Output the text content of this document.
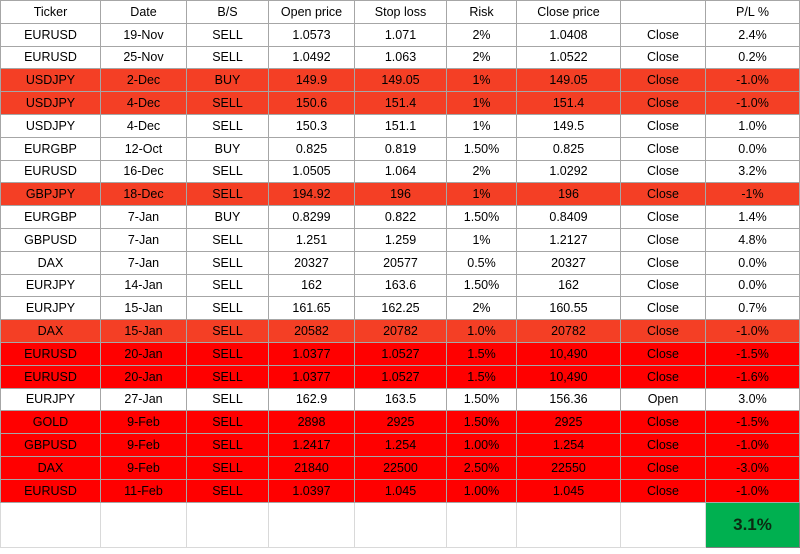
Ticker	Date	B/S	Open price	Stop loss	Risk	Close price		P/L %
EURUSD	19-Nov	SELL	1.0573	1.071	2%	1.0408	Close	2.4%
EURUSD	25-Nov	SELL	1.0492	1.063	2%	1.0522	Close	0.2%
USDJPY	2-Dec	BUY	149.9	149.05	1%	149.05	Close	-1.0%
USDJPY	4-Dec	SELL	150.6	151.4	1%	151.4	Close	-1.0%
USDJPY	4-Dec	SELL	150.3	151.1	1%	149.5	Close	1.0%
EURGBP	12-Oct	BUY	0.825	0.819	1.50%	0.825	Close	0.0%
EURUSD	16-Dec	SELL	1.0505	1.064	2%	1.0292	Close	3.2%
GBPJPY	18-Dec	SELL	194.92	196	1%	196	Close	-1%
EURGBP	7-Jan	BUY	0.8299	0.822	1.50%	0.8409	Close	1.4%
GBPUSD	7-Jan	SELL	1.251	1.259	1%	1.2127	Close	4.8%
DAX	7-Jan	SELL	20327	20577	0.5%	20327	Close	0.0%
EURJPY	14-Jan	SELL	162	163.6	1.50%	162	Close	0.0%
EURJPY	15-Jan	SELL	161.65	162.25	2%	160.55	Close	0.7%
DAX	15-Jan	SELL	20582	20782	1.0%	20782	Close	-1.0%
EURUSD	20-Jan	SELL	1.0377	1.0527	1.5%	10,490	Close	-1.5%
EURUSD	20-Jan	SELL	1.0377	1.0527	1.5%	10,490	Close	-1.6%
EURJPY	27-Jan	SELL	162.9	163.5	1.50%	156.36	Open	3.0%
GOLD	9-Feb	SELL	2898	2925	1.50%	2925	Close	-1.5%
GBPUSD	9-Feb	SELL	1.2417	1.254	1.00%	1.254	Close	-1.0%
DAX	9-Feb	SELL	21840	22500	2.50%	22550	Close	-3.0%
EURUSD	11-Feb	SELL	1.0397	1.045	1.00%	1.045	Close	-1.0%
								3.1%
